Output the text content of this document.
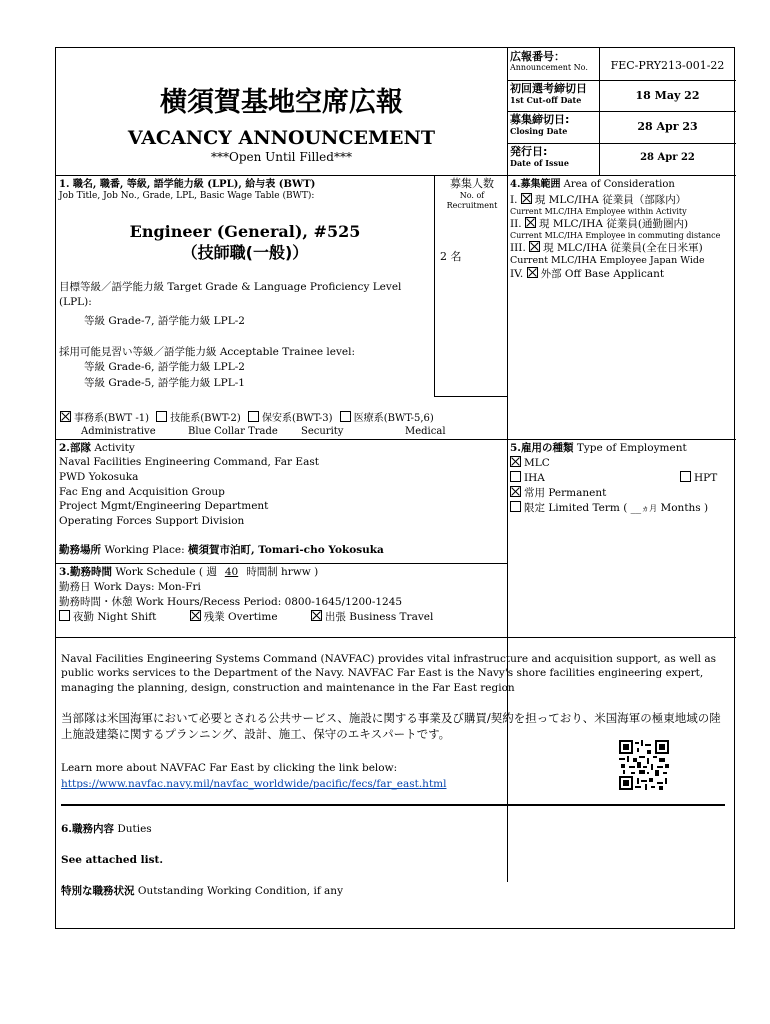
横須賀基地空席広報
VACANCY ANNOUNCEMENT
***Open Until Filled***
広報番号：
Announcement No.	FEC-PRY213-001-22
初回選考締切日
1st Cut-off Date	18 May 22
募集締切日:
Closing Date	28 Apr 23
発行日:
Date of Issue	28 Apr 22
1. 職名, 職番, 等級, 語学能力級 (LPL), 給与表 (BWT)
Job Title, Job No., Grade, LPL, Basic Wage Table (BWT):
Engineer (General), #525
（技師職(一般)）
目標等級／語学能力級 Target Grade & Language Proficiency Level (LPL):
等級 Grade-7, 語学能力級 LPL-2
採用可能見習い等級／語学能力級 Acceptable Trainee level:
等級 Grade-6, 語学能力級 LPL-2
等級 Grade-5, 語学能力級 LPL-1
募集人数
No. of Recruitment
2 名
事務系(BWT -1) 技能系(BWT-2) 保安系(BWT-3) 医療系(BWT-5,6)
Administrative	Blue Collar Trade Security	Medical
4.募集範囲 Area of Consideration
I. 現 MLC/IHA 従業員（部隊内）
Current MLC/IHA Employee within Activity
II. 現 MLC/IHA 従業員(通勤圏内)
Current MLC/IHA Employee in commuting distance
III. 現 MLC/IHA 従業員(全在日米軍)
Current MLC/IHA Employee Japan Wide
IV. 外部 Off Base Applicant
2.部隊 Activity
Naval Facilities Engineering Command, Far East
PWD Yokosuka
Fac Eng and Acquisition Group
Project Mgmt/Engineering Department
Operating Forces Support Division
勤務場所 Working Place: 横須賀市泊町, Tomari-cho Yokosuka
3.勤務時間 Work Schedule ( 週 40 時間制 hrww )
勤務日 Work Days: Mon-Fri
勤務時間・休憩 Work Hours/Recess Period: 0800-1645/1200-1245
夜勤 Night Shift	残業 Overtime	出張 Business Travel
5.雇用の種類 Type of Employment
MLC
IHA	HPT
常用 Permanent
限定 Limited Term ( __ヵ月 Months )
Naval Facilities Engineering Systems Command (NAVFAC) provides vital infrastructure and acquisition support, as well as public works services to the Department of the Navy. NAVFAC Far East is the Navy's shore facilities engineering expert, managing the planning, design, construction and maintenance in the Far East region
当部隊は米国海軍において必要とされる公共サービス、施設に関する事業及び購買/契約を担っており、米国海軍の極東地域の陸上施設建築に関するプランニング、設計、施工、保守のエキスパートです。
Learn more about NAVFAC Far East by clicking the link below:
https://www.navfac.navy.mil/navfac_worldwide/pacific/fecs/far_east.html
6.職務内容 Duties
See attached list.
特別な職務状況 Outstanding Working Condition, if any
